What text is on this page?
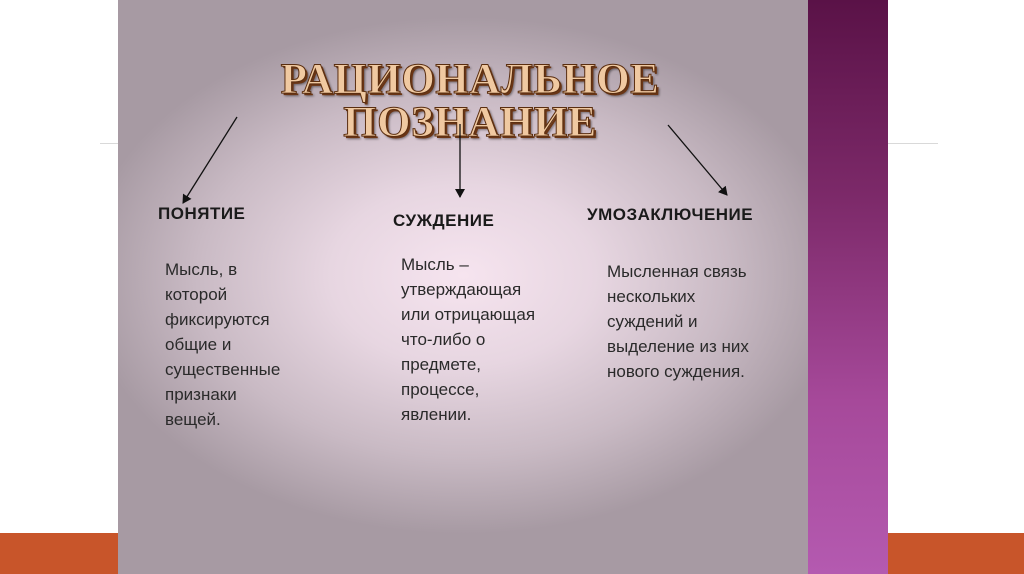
РАЦИОНАЛЬНОЕ ПОЗНАНИЕ
ПОНЯТИЕ	СУЖДЕНИЕ	УМОЗАКЛЮЧЕНИЕ

Мысль, в
которой
фиксируются
общие и
существенные
признаки
вещей.

Мысль –
утверждающая
или отрицающая
что-либо о
предмете,
процессе,
явлении.

Мысленная связь
нескольких
суждений и
выделение из них
нового суждения.
